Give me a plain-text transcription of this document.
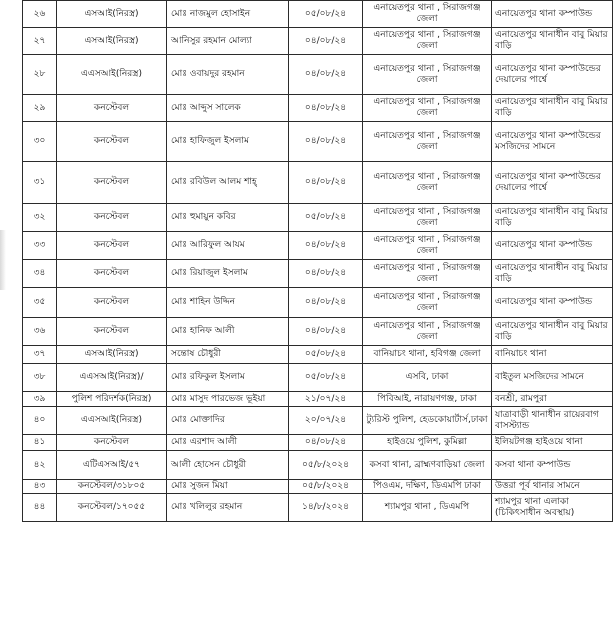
২৬	এসআই(নিরস্ত্র)	মোঃ নাজমুল হোসাইন	০৫/০৮/২৪	এনায়েতপুর থানা , সিরাজগঞ্জ জেলা	এনায়েতপুর থানা কম্পাউন্ড
২৭	এসআই(নিরস্ত্র)	আনিসুর রহমান মোল্যা	০৪/০৮/২৪	এনায়েতপুর থানা , সিরাজগঞ্জ জেলা	এনায়েতপুর থানাধীন বাবু মিয়ার বাড়ি
২৮	এএসআই(নিরস্ত্র)	মোঃ ওবায়দুর রহমান	০৪/০৮/২৪	এনায়েতপুর থানা , সিরাজগঞ্জ জেলা	এনায়েতপুর থানা কম্পাউন্ডের দেয়ালের পার্শ্বে
২৯	কনস্টেবল	মোঃ আব্দুস সালেক	০৪/০৮/২৪	এনায়েতপুর থানা , সিরাজগঞ্জ জেলা	এনায়েতপুর থানাধীন বাবু মিয়ার বাড়ি
৩০	কনস্টেবল	মোঃ হাফিজুল ইসলাম	০৪/০৮/২৪	এনায়েতপুর থানা , সিরাজগঞ্জ জেলা	এনায়েতপুর থানা কম্পাউন্ডের মসজিদের সামনে
৩১	কনস্টেবল	মোঃ রবিউল আলম শাহ্	০৪/০৮/২৪	এনায়েতপুর থানা , সিরাজগঞ্জ জেলা	এনায়েতপুর থানা কম্পাউন্ডের দেয়ালের পার্শ্বে
৩২	কনস্টেবল	মোঃ হুমায়ুন কবির	০৫/০৮/২৪	এনায়েতপুর থানা , সিরাজগঞ্জ জেলা	এনায়েতপুর থানাধীন বাবু মিয়ার বাড়ি
৩৩	কনস্টেবল	মোঃ আরিফুল আযম	০৪/০৮/২৪	এনায়েতপুর থানা , সিরাজগঞ্জ জেলা	এনায়েতপুর থানা কম্পাউন্ড
৩৪	কনস্টেবল	মোঃ রিয়াজুল ইসলাম	০৪/০৮/২৪	এনায়েতপুর থানা , সিরাজগঞ্জ জেলা	এনায়েতপুর থানাধীন বাবু মিয়ার বাড়ি
৩৫	কনস্টেবল	মোঃ শাহিন উদ্দিন	০৪/০৮/২৪	এনায়েতপুর থানা , সিরাজগঞ্জ জেলা	এনায়েতপুর থানা কম্পাউন্ড
৩৬	কনস্টেবল	মোঃ হানিফ আলী	০৪/০৮/২৪	এনায়েতপুর থানা , সিরাজগঞ্জ জেলা	এনায়েতপুর থানাধীন বাবু মিয়ার বাড়ি
৩৭	এসআই(নিরস্ত্র)	সন্তোষ চৌধুরী	০৫/০৮/২৪	বানিয়াচং থানা, হবিগঞ্জ জেলা	বানিয়াচং থানা
৩৮	এএসআই(নিরস্ত্র)/	মোঃ রফিকুল ইসলাম	০৫/০৮/২৪	এসবি, ঢাকা	বাইতুল মসজিদের সামনে
৩৯	পুলিশ পরিদর্শক(নিরস্ত্র)	মোঃ মাসুদ পারভেজ ভূইয়া	২১/০৭/২৪	পিবিআই, নারায়ণগঞ্জ, ঢাকা	বনশ্রী, রামপুরা
৪০	এএসআই(নিরস্ত্র)	মোঃ মোক্তাদির	২০/০৭/২৪	ট্যুরিস্ট পুলিশ, হেডকোয়ার্টার্স,ঢাকা	যাত্রাবাড়ী থানাধীন রায়েরবাগ বাসস্ট্যান্ড
৪১	কনস্টেবল	মোঃ এরশাদ আলী	০৪/০৮/২৪	হাইওয়ে পুলিশ, কুমিল্লা	ইলিয়টগঞ্জ হাইওয়ে থানা
৪২	এটিএসআই/৫৭	আলী হোসেন চৌধুরী	০৫/৮/২০২৪	কসবা থানা, ব্রাহ্মণবাড়িয়া জেলা	কসবা থানা কম্পাউন্ড
৪৩	কনস্টেবল/৩১৮০৫	মোঃ সুজন মিয়া	০৫/৮/২০২৪	পিওএম, দক্ষিণ, ডিএমপি ঢাকা	উত্তরা পূর্ব থানার সামনে
৪৪	কনস্টেবল/১৭০৫৫	মোঃ খলিলুর রহমান	১৪/৮/২০২৪	শ্যামপুর থানা , ডিএমপি	শ্যামপুর থানা এলাকা (চিকিৎসাধীন অবস্থায়)
